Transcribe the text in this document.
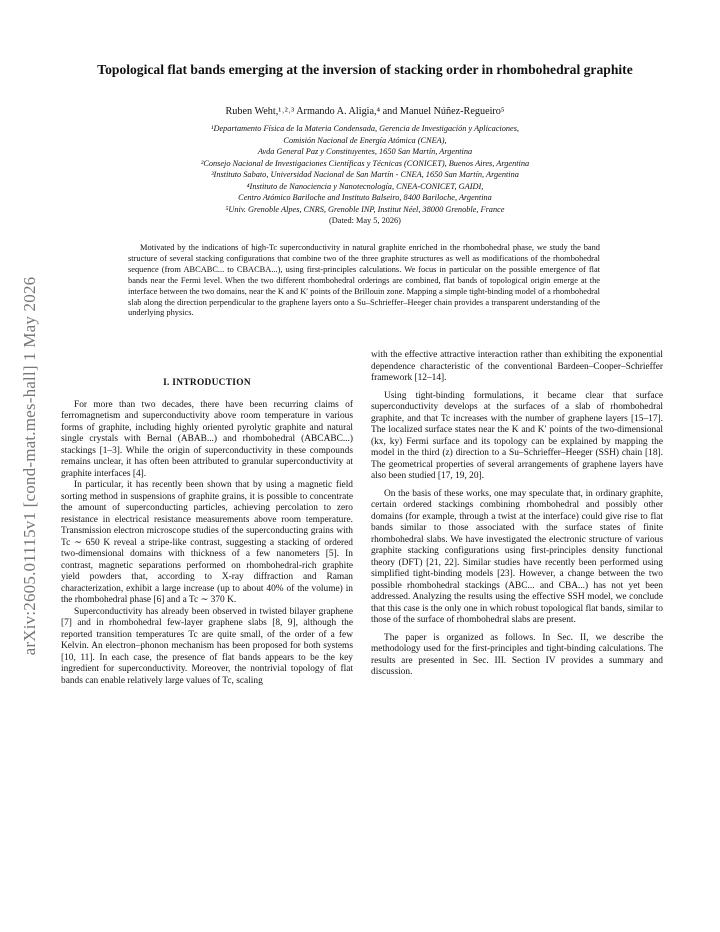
arXiv:2605.01115v1 [cond-mat.mes-hall] 1 May 2026
Topological flat bands emerging at the inversion of stacking order in rhombohedral graphite
Ruben Weht,¹˒²˒³ Armando A. Aligia,⁴ and Manuel Núñez-Regueiro⁵
¹Departamento Física de la Materia Condensada, Gerencia de Investigación y Aplicaciones,
Comisión Nacional de Energía Atómica (CNEA),
Avda General Paz y Constituyentes, 1650 San Martín, Argentina
²Consejo Nacional de Investigaciones Científicas y Técnicas (CONICET), Buenos Aires, Argentina
³Instituto Sabato, Universidad Nacional de San Martín - CNEA, 1650 San Martín, Argentina
⁴Instituto de Nanociencia y Nanotecnología, CNEA-CONICET, GAIDI,
Centro Atómico Bariloche and Instituto Balseiro, 8400 Bariloche, Argentina
⁵Univ. Grenoble Alpes, CNRS, Grenoble INP, Institut Néel, 38000 Grenoble, France
(Dated: May 5, 2026)
Motivated by the indications of high-Tc superconductivity in natural graphite enriched in the rhombohedral phase, we study the band structure of several stacking configurations that combine two of the three graphite structures as well as modifications of the rhombohedral sequence (from ABCABC... to CBACBA...), using first-principles calculations. We focus in particular on the possible emergence of flat bands near the Fermi level. When the two different rhombohedral orderings are combined, flat bands of topological origin emerge at the interface between the two domains, near the K and K′ points of the Brillouin zone. Mapping a simple tight-binding model of a rhombohedral slab along the direction perpendicular to the graphene layers onto a Su–Schrieffer–Heeger chain provides a transparent understanding of the underlying physics.
I. INTRODUCTION

For more than two decades, there have been recurring claims of ferromagnetism and superconductivity above room temperature in various forms of graphite, including highly oriented pyrolytic graphite and natural single crystals with Bernal (ABAB...) and rhombohedral (ABCABC...) stackings [1–3]. While the origin of superconductivity in these compounds remains unclear, it has often been attributed to granular superconductivity at graphite interfaces [4].

In particular, it has recently been shown that by using a magnetic field sorting method in suspensions of graphite grains, it is possible to concentrate the amount of superconducting particles, achieving percolation to zero resistance in electrical resistance measurements above room temperature. Transmission electron microscope studies of the superconducting grains with Tc ∼ 650 K reveal a stripe-like contrast, suggesting a stacking of ordered two-dimensional domains with thickness of a few nanometers [5]. In contrast, magnetic separations performed on rhombohedral-rich graphite yield powders that, according to X-ray diffraction and Raman characterization, exhibit a large increase (up to about 40% of the volume) in the rhombohedral phase [6] and a Tc ∼ 370 K.

Superconductivity has already been observed in twisted bilayer graphene [7] and in rhombohedral few-layer graphene slabs [8, 9], although the reported transition temperatures Tc are quite small, of the order of a few Kelvin. An electron–phonon mechanism has been proposed for both systems [10, 11]. In each case, the presence of flat bands appears to be the key ingredient for superconductivity. Moreover, the nontrivial topology of flat bands can enable relatively large values of Tc, scaling

with the effective attractive interaction rather than exhibiting the exponential dependence characteristic of the conventional Bardeen–Cooper–Schrieffer framework [12–14].

Using tight-binding formulations, it became clear that surface superconductivity develops at the surfaces of a slab of rhombohedral graphite, and that Tc increases with the number of graphene layers [15–17]. The localized surface states near the K and K′ points of the two-dimensional (kx, ky) Fermi surface and its topology can be explained by mapping the model in the third (z) direction to a Su–Schrieffer–Heeger (SSH) chain [18]. The geometrical properties of several arrangements of graphene layers have also been studied [17, 19, 20].

On the basis of these works, one may speculate that, in ordinary graphite, certain ordered stackings combining rhombohedral and possibly other domains (for example, through a twist at the interface) could give rise to flat bands similar to those associated with the surface states of finite rhombohedral slabs. We have investigated the electronic structure of various graphite stacking configurations using first-principles density functional theory (DFT) [21, 22]. Similar studies have recently been performed using simplified tight-binding models [23]. However, a change between the two possible rhombohedral stackings (ABC... and CBA...) has not yet been addressed. Analyzing the results using the effective SSH model, we conclude that this case is the only one in which robust topological flat bands, similar to those of the surface of rhombohedral slabs are present.

The paper is organized as follows. In Sec. II, we describe the methodology used for the first-principles and tight-binding calculations. The results are presented in Sec. III. Section IV provides a summary and discussion.
